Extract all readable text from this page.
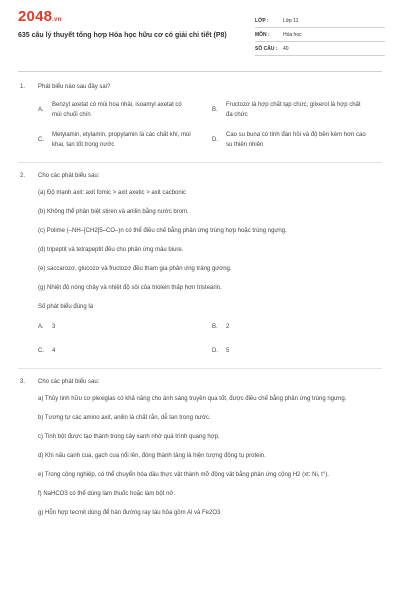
2048.vn
635 câu lý thuyết tổng hợp Hóa học hữu cơ có giải chi tiết (P8)
LỚP :	Lớp 11
MÔN :	Hóa học
SỐ CÂU :	40
1.	Phát biểu nào sau đây sai?
A.
Benzyl axetat có mùi hoa nhài, isoamyl axetat có mùi chuối chín
B.
Fructozơ là hợp chất tạp chức, glixerol là hợp chất đa chức
C.
Metylamin, etylamin, propylamin là các chất khí, mùi khai, tan tốt trong nước
D.
Cao su buna có tính đàn hồi và độ bền kém hơn cao su thiên nhiên
2.	Cho các phát biểu sau:
(a) Độ mạnh axit: axit fomic > axit axetic > axit cacbonic
(b) Không thể phân biệt stiren và anilin bằng nước brom.
(c) Polime (–NH–[CH2]5–CO–)n có thể điều chế bằng phản ứng trùng hợp hoặc trùng ngưng.
(d) tripeptit và tetrapeptit đều cho phản ứng màu biure.
(e) saccarozơ, glucozơ và fructozơ đều tham gia phản ứng tráng gương.
(g) Nhiệt độ nóng chảy và nhiệt độ sôi của triolein thấp hơn tristearin.
Số phát biểu đúng là
A.	3	B.	2
C.	4	D.	5
3.	Cho các phát biểu sau:
a) Thủy tinh hữu cơ plexiglas có khả năng cho ánh sáng truyền qua tốt, được điều chế bằng phản ứng trùng ngưng.
b) Tương tự các amino axit, anilin là chất rắn, dễ tan trong nước.
c) Tinh bột được tạo thành trong cây xanh nhờ quá trình quang hợp.
d) Khi nấu canh cua, gạch cua nổi lên, đóng thành tảng là hiện tượng đông tụ protein.
e) Trong công nghiệp, có thể chuyển hóa dầu thực vật thành mỡ động vật bằng phản ứng cộng H2 (xt: Ni, t°).
f) NaHCO3 có thể dùng làm thuốc hoặc làm bột nở.
g) Hỗn hợp tecmit dùng để hàn đường ray tàu hỏa gồm Al và Fe2O3
